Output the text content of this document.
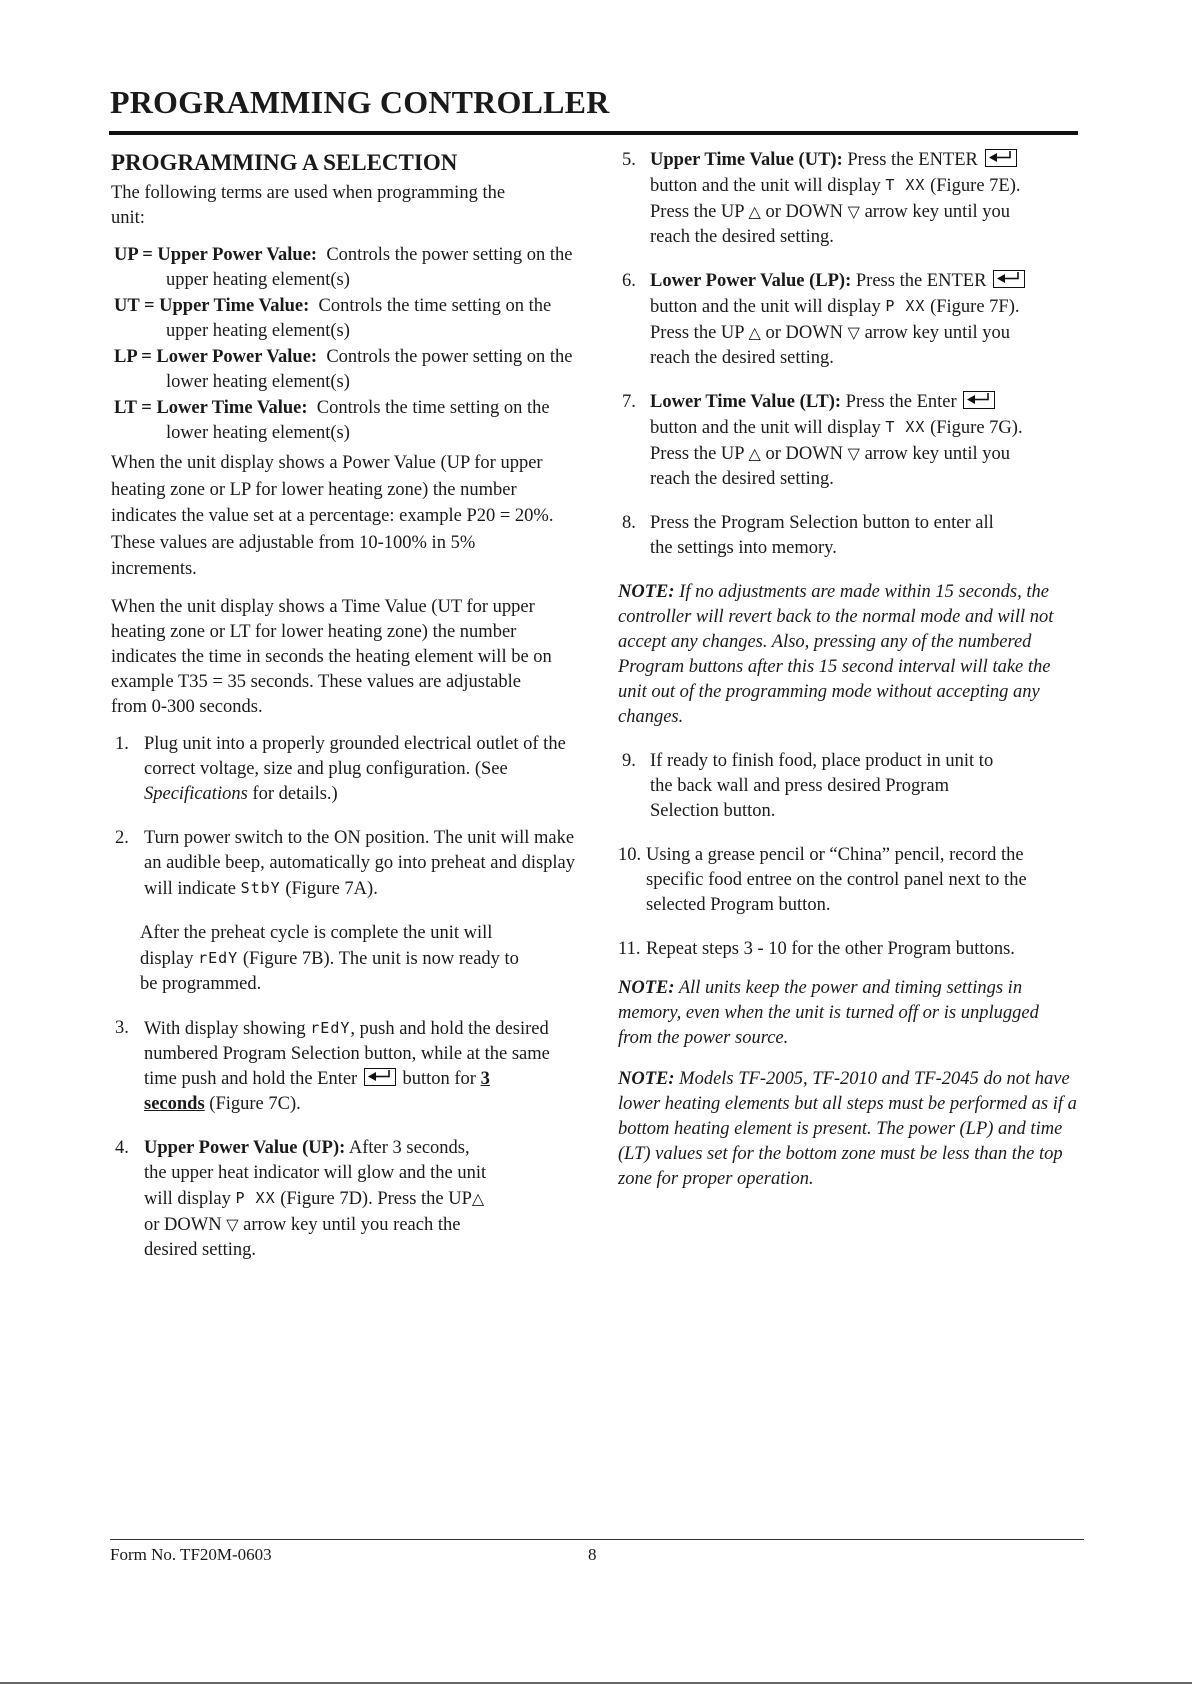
PROGRAMMING CONTROLLER
PROGRAMMING A SELECTION

The following terms are used when programming the unit:

UP = Upper Power Value: Controls the power setting on the upper heating element(s)
UT = Upper Time Value: Controls the time setting on the upper heating element(s)
LP = Lower Power Value: Controls the power setting on the lower heating element(s)
LT = Lower Time Value: Controls the time setting on the lower heating element(s)

When the unit display shows a Power Value (UP for upper heating zone or LP for lower heating zone) the number indicates the value set at a percentage: example P20 = 20%. These values are adjustable from 10-100% in 5% increments.

When the unit display shows a Time Value (UT for upper heating zone or LT for lower heating zone) the number indicates the time in seconds the heating element will be on example T35 = 35 seconds. These values are adjustable from 0-300 seconds.

1. Plug unit into a properly grounded electrical outlet of the correct voltage, size and plug configuration. (See Specifications for details.)
2. Turn power switch to the ON position. The unit will make an audible beep, automatically go into preheat and display will indicate StbY (Figure 7A).

After the preheat cycle is complete the unit will display rEdY (Figure 7B). The unit is now ready to be programmed.

3. With display showing rEdY, push and hold the desired numbered Program Selection button, while at the same time push and hold the Enter
button for 3 seconds (Figure 7C).
4. Upper Power Value (UP): After 3 seconds, the upper heat indicator will glow and the unit will display P XX (Figure 7D). Press the UP△ or DOWN ▽ arrow key until you reach the desired setting.
5. Upper Time Value (UT): Press the ENTER
button and the unit will display T XX (Figure 7E). Press the UP △ or DOWN ▽ arrow key until you reach the desired setting.
6. Lower Power Value (LP): Press the ENTER
button and the unit will display P XX (Figure 7F). Press the UP △ or DOWN ▽ arrow key until you reach the desired setting.
7. Lower Time Value (LT): Press the Enter
button and the unit will display T XX (Figure 7G). Press the UP △ or DOWN ▽ arrow key until you reach the desired setting.
8. Press the Program Selection button to enter all the settings into memory.

NOTE: If no adjustments are made within 15 seconds, the controller will revert back to the normal mode and will not accept any changes. Also, pressing any of the numbered Program buttons after this 15 second interval will take the unit out of the programming mode without accepting any changes.

9. If ready to finish food, place product in unit to the back wall and press desired Program Selection button.
10. Using a grease pencil or “China” pencil, record the specific food entree on the control panel next to the selected Program button.
11. Repeat steps 3 - 10 for the other Program buttons.

NOTE: All units keep the power and timing settings in memory, even when the unit is turned off or is unplugged from the power source.

NOTE: Models TF-2005, TF-2010 and TF-2045 do not have lower heating elements but all steps must be performed as if a bottom heating element is present. The power (LP) and time (LT) values set for the bottom zone must be less than the top zone for proper operation.

Form No. TF20M-0603	8
